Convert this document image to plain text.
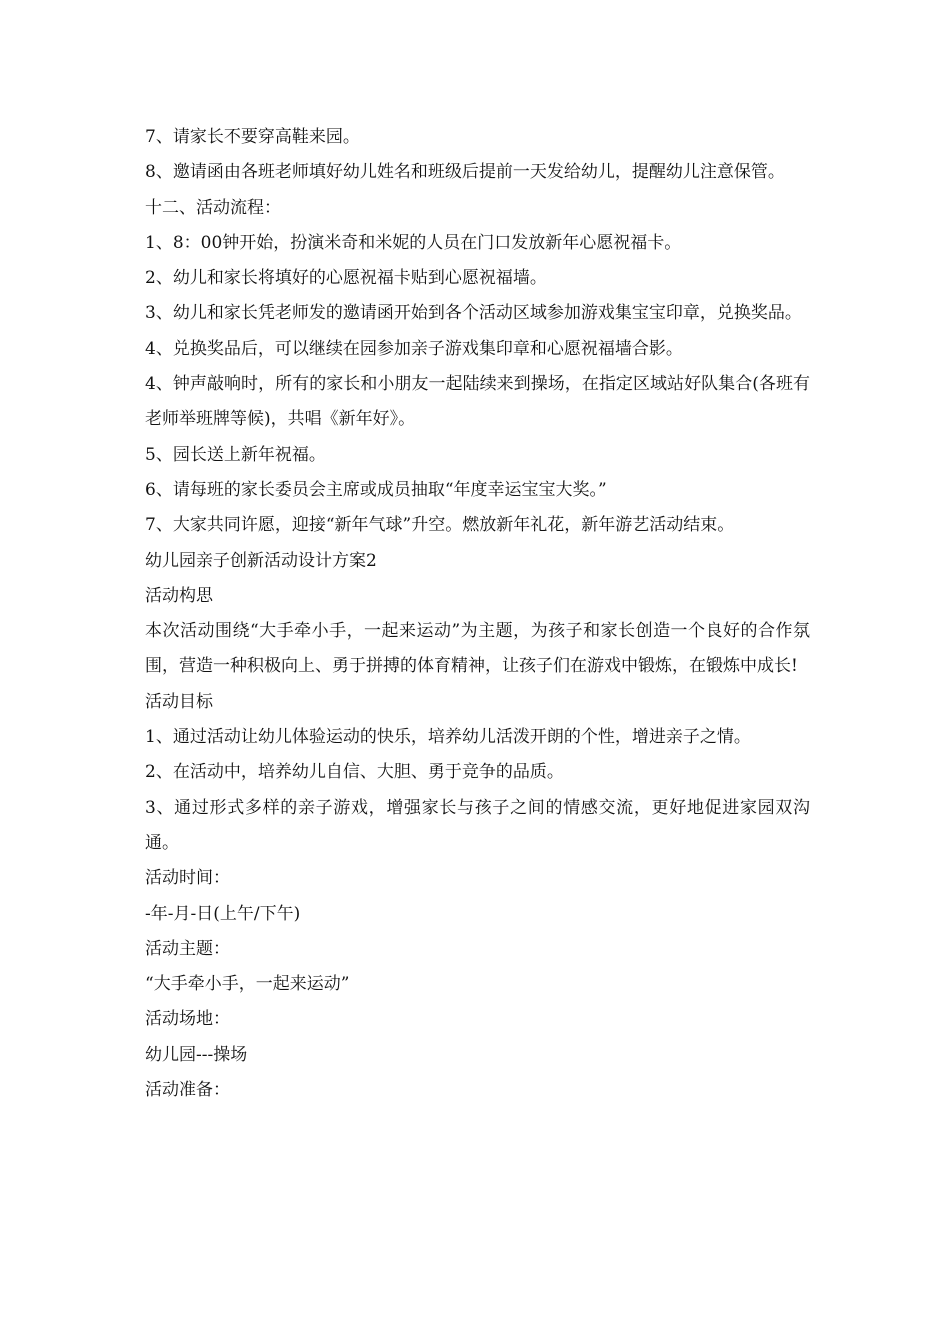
7、请家长不要穿高鞋来园。

8、邀请函由各班老师填好幼儿姓名和班级后提前一天发给幼儿，提醒幼儿注意保管。

十二、活动流程：

1、8：00钟开始，扮演米奇和米妮的人员在门口发放新年心愿祝福卡。

2、幼儿和家长将填好的心愿祝福卡贴到心愿祝福墙。

3、幼儿和家长凭老师发的邀请函开始到各个活动区域参加游戏集宝宝印章，兑换奖品。

4、兑换奖品后，可以继续在园参加亲子游戏集印章和心愿祝福墙合影。

4、钟声敲响时，所有的家长和小朋友一起陆续来到操场，在指定区域站好队集合(各班有老师举班牌等候)，共唱《新年好》。

5、园长送上新年祝福。

6、请每班的家长委员会主席或成员抽取“年度幸运宝宝大奖。”

7、大家共同许愿，迎接“新年气球”升空。燃放新年礼花，新年游艺活动结束。

幼儿园亲子创新活动设计方案2

活动构思

本次活动围绕“大手牵小手，一起来运动”为主题，为孩子和家长创造一个良好的合作氛围，营造一种积极向上、勇于拼搏的体育精神，让孩子们在游戏中锻炼，在锻炼中成长!

活动目标

1、通过活动让幼儿体验运动的快乐，培养幼儿活泼开朗的个性，增进亲子之情。

2、在活动中，培养幼儿自信、大胆、勇于竞争的品质。

3、通过形式多样的亲子游戏，增强家长与孩子之间的情感交流，更好地促进家园双沟通。

活动时间：

-年-月-日(上午/下午)

活动主题：

“大手牵小手，一起来运动”

活动场地：

幼儿园---操场

活动准备：
